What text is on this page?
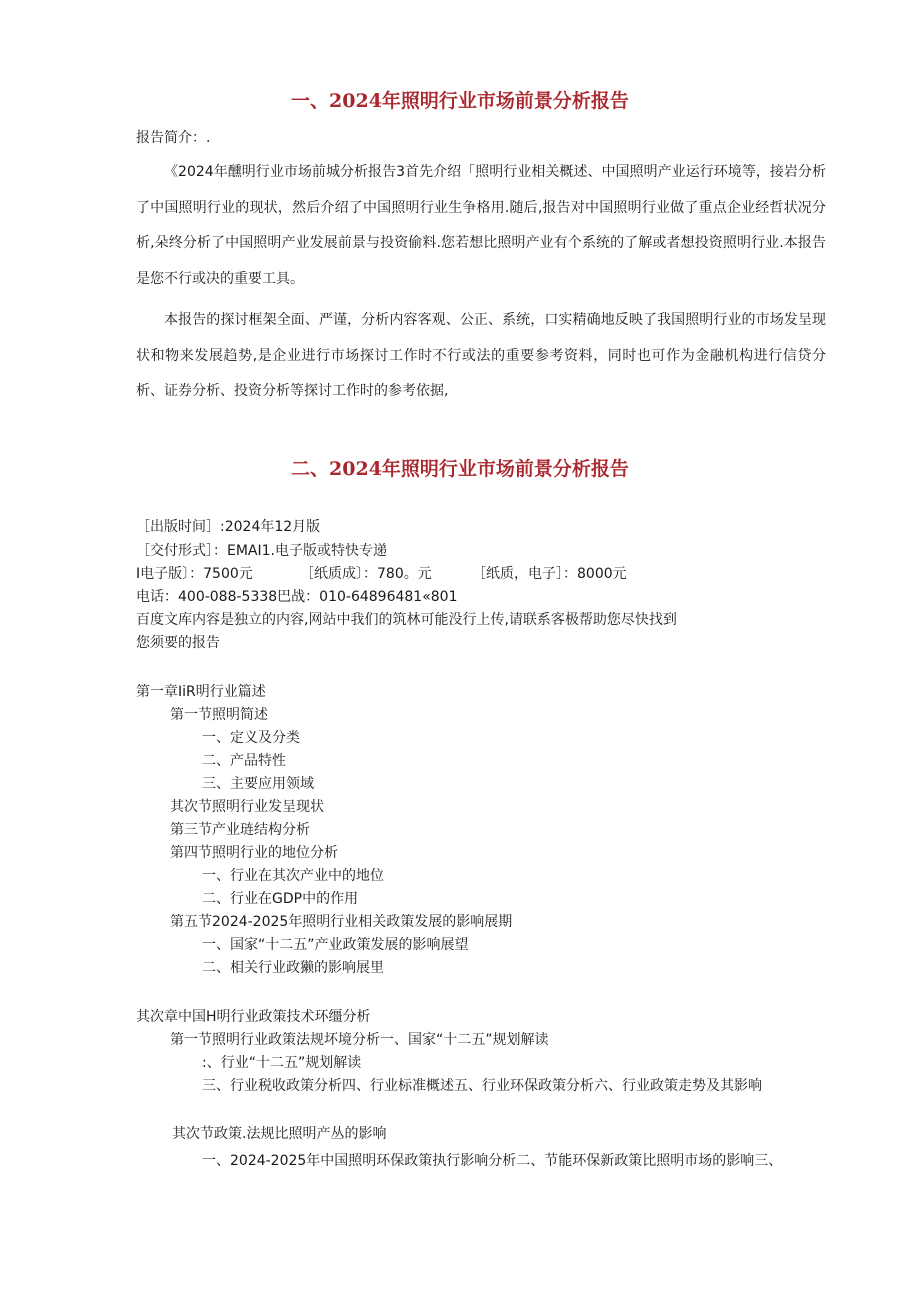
一、2024年照明行业市场前景分析报告

报告简介：.

《2024年醺明行业市场前城分析报告3首先介绍「照明行业相关概述、中国照明产业运行环境等，接岩分析了中国照明行业的现状，然后介绍了中国照明行业生争格用.随后,报告对中国照明行业做了重点企业经哲状况分析,朵终分析了中国照明产业发展前景与投资偷料.您若想比照明产业有个系统的了解或者想投资照明行业.本报告是您不行或决的重要工具。

本报告的探讨框架全面、严谨，分析内容客观、公正、系统，口实精确地反映了我国照明行业的市场发呈现状和物来发展趋势,是企业进行市场探讨工作时不行或法的重要参考资料，同时也可作为金融机构进行信贷分析、证券分析、投资分析等探讨工作时的参考依据,

二、2024年照明行业市场前景分析报告

［出版时间］:2024年12月版

［交付形式］：EMAI1.电子版或特快专递

I电子版〕：7500元	［纸质成〕：780。元	［纸质，电子］：8000元

电话：400-088-5338巴战：010-64896481«801

百度文库内容是独立的内容,网站中我们的筑林可能没行上传,请联系客极帮助您尽快找到

您须要的报告

第一章IiR明行业篇述

第一节照明简述

一、定义及分类

二、产品特性

三、主要应用领域

其次节照明行业发呈现状

第三节产业琏结构分析

第四节照明行业的地位分析

一、行业在其次产业中的地位

二、行业在GDP中的作用

第五节2024-2025年照明行业相关政策发展的影响展期

一、国家“十二五”产业政策发展的影响展望

二、相关行业政獭的影响展里

其次章中国H明行业政策技术环缰分析

第一节照明行业政策法规坏境分析一、国家“十二五”规划解读

:、行业“十二五”规划解读

三、行业税收政策分析四、行业标准概述五、行业环保政策分析六、行业政策走势及其影响

其次节政策.法规比照明产丛的影响

一、2024-2025年中国照明环保政策执行影响分析二、节能环保新政策比照明市场的影响三、
